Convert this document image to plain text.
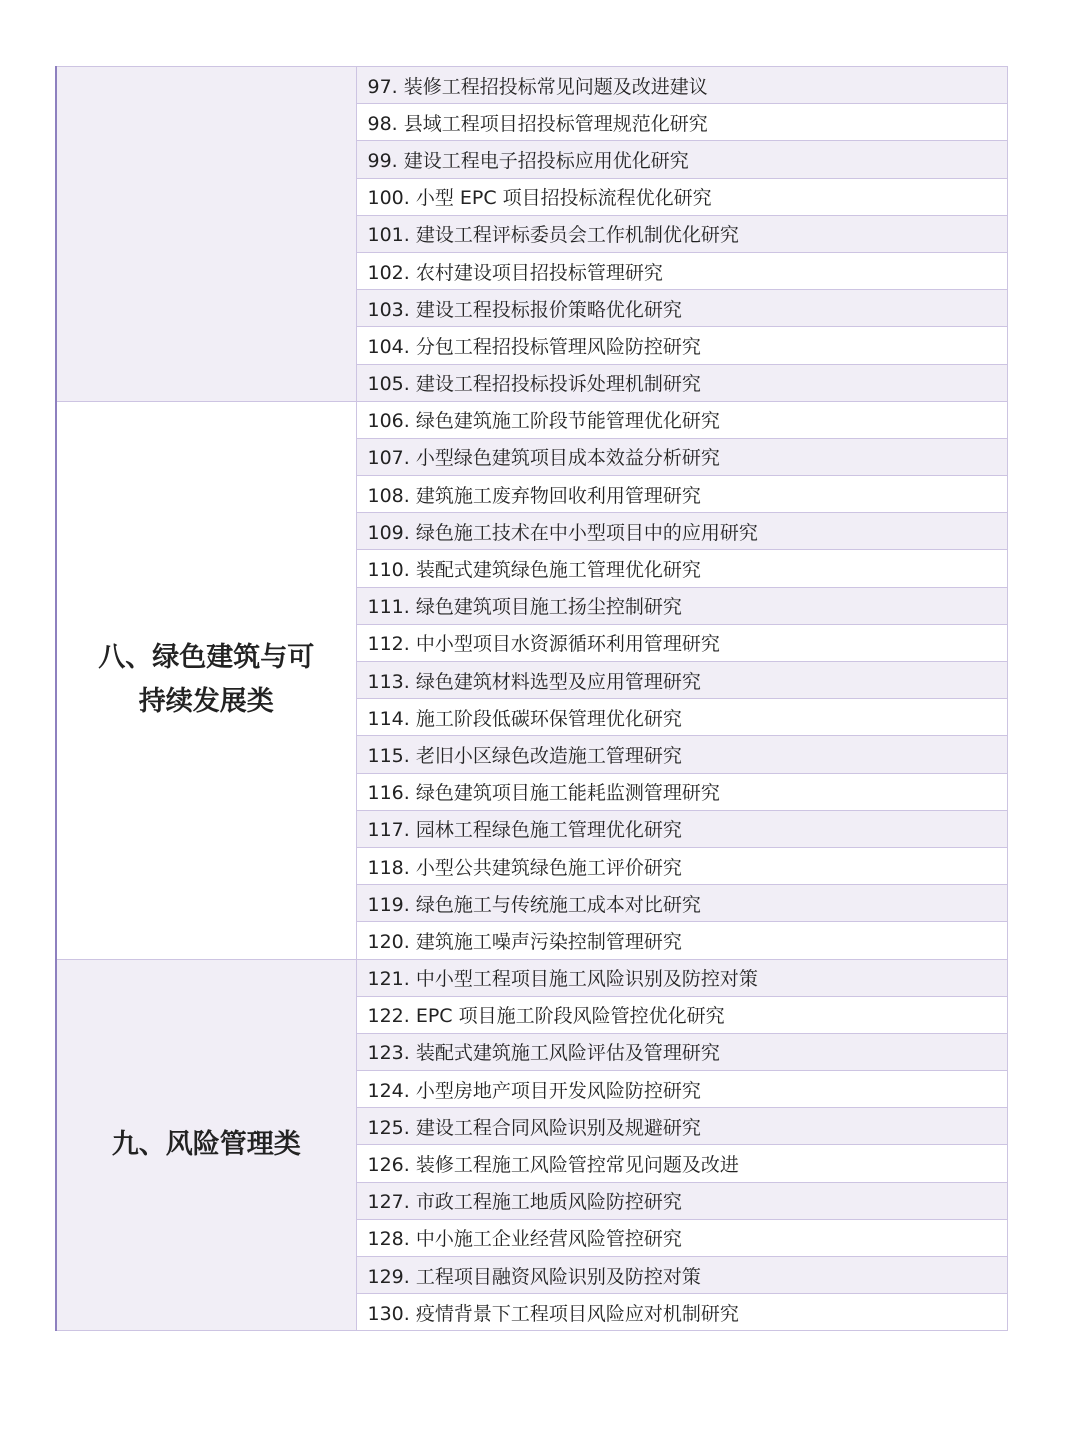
	97. 装修工程招投标常见问题及改进建议
	98. 县域工程项目招投标管理规范化研究
	99. 建设工程电子招投标应用优化研究
	100. 小型 EPC 项目招投标流程优化研究
	101. 建设工程评标委员会工作机制优化研究
	102. 农村建设项目招投标管理研究
	103. 建设工程投标报价策略优化研究
	104. 分包工程招投标管理风险防控研究
	105. 建设工程招投标投诉处理机制研究
八、绿色建筑与可持续发展类	106. 绿色建筑施工阶段节能管理优化研究
	107. 小型绿色建筑项目成本效益分析研究
	108. 建筑施工废弃物回收利用管理研究
	109. 绿色施工技术在中小型项目中的应用研究
	110. 装配式建筑绿色施工管理优化研究
	111. 绿色建筑项目施工扬尘控制研究
	112. 中小型项目水资源循环利用管理研究
	113. 绿色建筑材料选型及应用管理研究
	114. 施工阶段低碳环保管理优化研究
	115. 老旧小区绿色改造施工管理研究
	116. 绿色建筑项目施工能耗监测管理研究
	117. 园林工程绿色施工管理优化研究
	118. 小型公共建筑绿色施工评价研究
	119. 绿色施工与传统施工成本对比研究
	120. 建筑施工噪声污染控制管理研究
九、风险管理类	121. 中小型工程项目施工风险识别及防控对策
	122. EPC 项目施工阶段风险管控优化研究
	123. 装配式建筑施工风险评估及管理研究
	124. 小型房地产项目开发风险防控研究
	125. 建设工程合同风险识别及规避研究
	126. 装修工程施工风险管控常见问题及改进
	127. 市政工程施工地质风险防控研究
	128. 中小施工企业经营风险管控研究
	129. 工程项目融资风险识别及防控对策
	130. 疫情背景下工程项目风险应对机制研究
